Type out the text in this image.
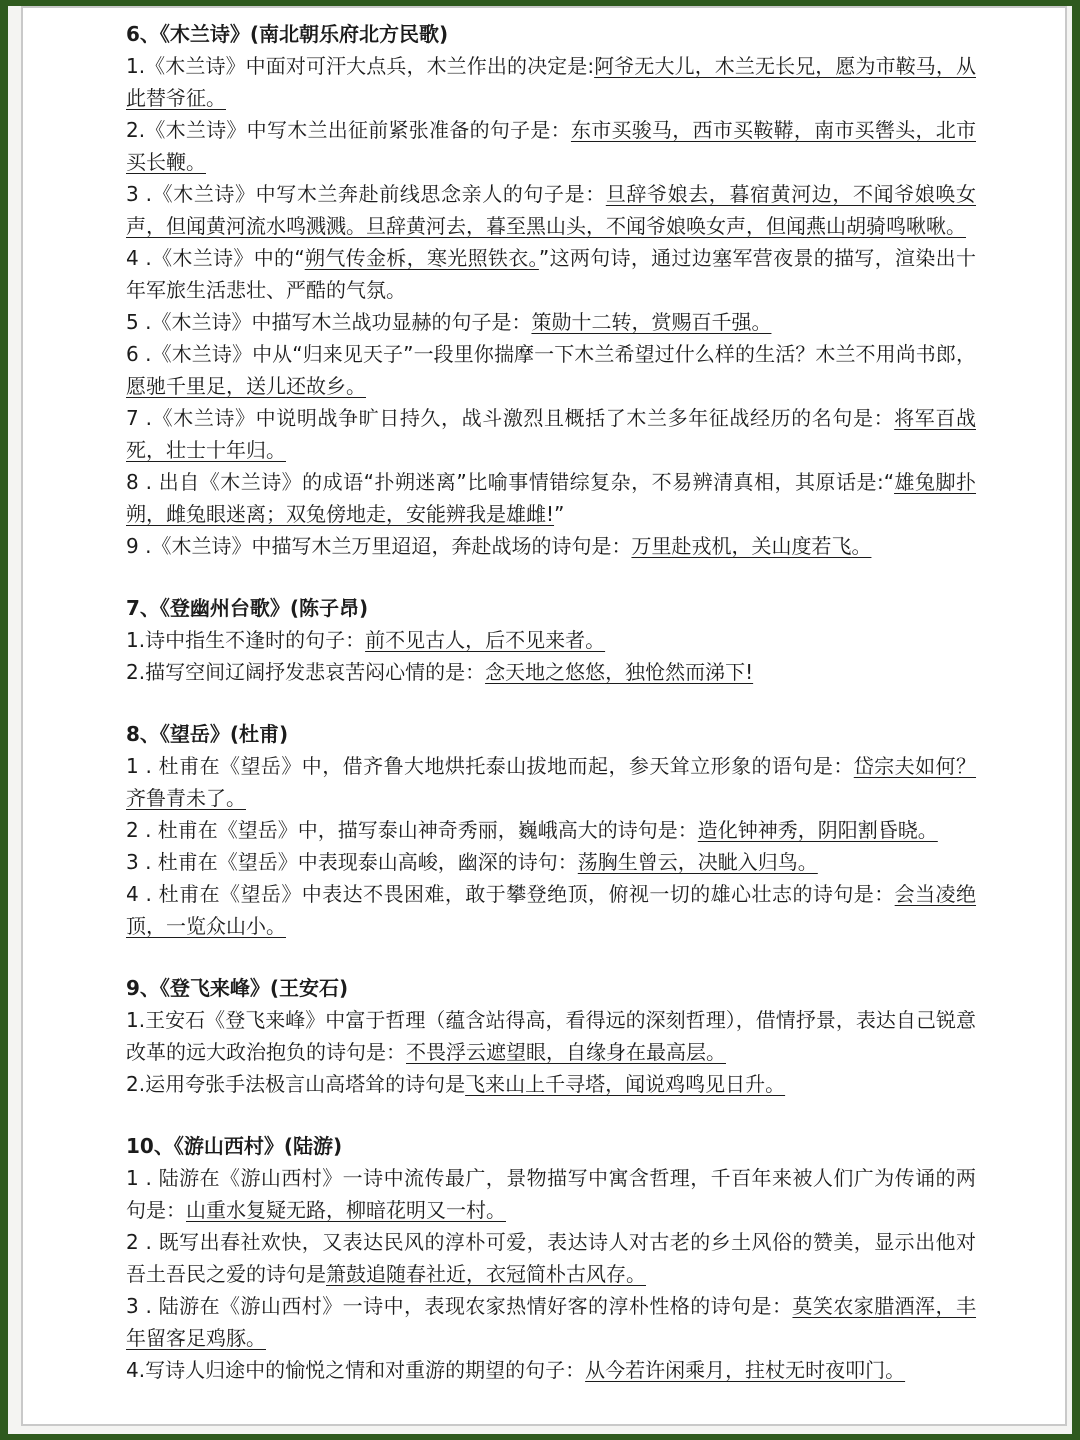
6、《木兰诗》(南北朝乐府北方民歌)
1.《木兰诗》中面对可汗大点兵，木兰作出的决定是:阿爷无大儿，木兰无长兄，愿为市鞍马，从此替爷征。
2.《木兰诗》中写木兰出征前紧张准备的句子是：东市买骏马，西市买鞍鞯，南市买辔头，北市买长鞭。
3 .《木兰诗》中写木兰奔赴前线思念亲人的句子是：旦辞爷娘去，暮宿黄河边，不闻爷娘唤女声，但闻黄河流水鸣溅溅。旦辞黄河去，暮至黑山头，不闻爷娘唤女声，但闻燕山胡骑鸣啾啾。
4 .《木兰诗》中的“朔气传金柝，寒光照铁衣。”这两句诗，通过边塞军营夜景的描写，渲染出十年军旅生活悲壮、严酷的气氛。
5 .《木兰诗》中描写木兰战功显赫的句子是：策勋十二转，赏赐百千强。
6 .《木兰诗》中从“归来见天子”一段里你揣摩一下木兰希望过什么样的生活？木兰不用尚书郎，愿驰千里足，送儿还故乡。
7 .《木兰诗》中说明战争旷日持久，战斗激烈且概括了木兰多年征战经历的名句是：将军百战死，壮士十年归。
8 . 出自《木兰诗》的成语“扑朔迷离”比喻事情错综复杂，不易辨清真相，其原话是:“雄兔脚扑朔，雌兔眼迷离；双兔傍地走，安能辨我是雄雌!”
9 .《木兰诗》中描写木兰万里迢迢，奔赴战场的诗句是：万里赴戎机，关山度若飞。
7、《登幽州台歌》(陈子昂)
1.诗中指生不逢时的句子：前不见古人，后不见来者。
2.描写空间辽阔抒发悲哀苦闷心情的是：念天地之悠悠，独怆然而涕下!
8、《望岳》(杜甫)
1 . 杜甫在《望岳》中，借齐鲁大地烘托泰山拔地而起，参天耸立形象的语句是：岱宗夫如何？齐鲁青未了。
2 . 杜甫在《望岳》中，描写泰山神奇秀丽，巍峨高大的诗句是：造化钟神秀，阴阳割昏晓。
3 . 杜甫在《望岳》中表现泰山高峻，幽深的诗句：荡胸生曾云，决眦入归鸟。
4 . 杜甫在《望岳》中表达不畏困难，敢于攀登绝顶，俯视一切的雄心壮志的诗句是：会当凌绝顶，一览众山小。
9、《登飞来峰》(王安石)
1.王安石《登飞来峰》中富于哲理（蕴含站得高，看得远的深刻哲理），借情抒景，表达自己锐意改革的远大政治抱负的诗句是：不畏浮云遮望眼，自缘身在最高层。
2.运用夸张手法极言山高塔耸的诗句是飞来山上千寻塔，闻说鸡鸣见日升。
10、《游山西村》(陆游)
1 . 陆游在《游山西村》一诗中流传最广，景物描写中寓含哲理，千百年来被人们广为传诵的两句是：山重水复疑无路，柳暗花明又一村。
2 . 既写出春社欢快，又表达民风的淳朴可爱，表达诗人对古老的乡土风俗的赞美，显示出他对吾土吾民之爱的诗句是箫鼓追随春社近，衣冠简朴古风存。
3 . 陆游在《游山西村》一诗中，表现农家热情好客的淳朴性格的诗句是：莫笑农家腊酒浑，丰年留客足鸡豚。
4.写诗人归途中的愉悦之情和对重游的期望的句子：从今若许闲乘月，拄杖无时夜叩门。
